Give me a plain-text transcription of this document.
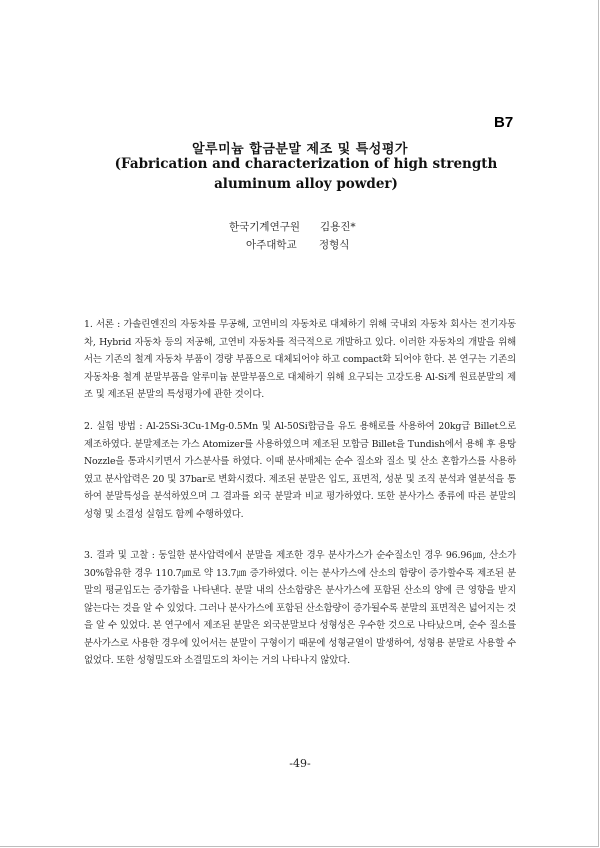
B7
알루미늄 합금분말 제조 및 특성평가
(Fabrication and characterization of high strength aluminum alloy powder)
한국기계연구원 김용진*
아주대학교 정형식

1. 서론 : 가솔린엔진의 자동차를 무공해, 고연비의 자동차로 대체하기 위해 국내외 자동차 회사는 전기자동차, Hybrid 자동차 등의 저공해, 고연비 자동차를 적극적으로 개발하고 있다. 이러한 자동차의 개발을 위해서는 기존의 철계 자동차 부품이 경량 부품으로 대체되어야 하고 compact화 되어야 한다. 본 연구는 기존의 자동차용 철계 분말부품을 알루미늄 분말부품으로 대체하기 위해 요구되는 고강도용 Al-Si계 원료분말의 제조 및 제조된 분말의 특성평가에 관한 것이다.

2. 실험 방법 : Al-25Si-3Cu-1Mg-0.5Mn 및 Al-50Si합금을 유도 용해로를 사용하여 20kg급 Billet으로 제조하였다. 분말제조는 가스 Atomizer를 사용하였으며 제조된 모합금 Billet을 Tundish에서 용해 후 용탕 Nozzle을 통과시키면서 가스분사를 하였다. 이때 분사매체는 순수 질소와 질소 및 산소 혼합가스를 사용하였고 분사압력은 20 및 37bar로 변화시켰다. 제조된 분말은 입도, 표면적, 성분 및 조직 분석과 열분석을 통하여 분말특성을 분석하였으며 그 결과를 외국 분말과 비교 평가하였다. 또한 분사가스 종류에 따른 분말의 성형 및 소결성 실험도 함께 수행하였다.

3. 결과 및 고찰 : 동일한 분사압력에서 분말을 제조한 경우 분사가스가 순수질소인 경우 96.96㎛, 산소가 30%함유한 경우 110.7㎛로 약 13.7㎛ 증가하였다. 이는 분사가스에 산소의 함량이 증가할수록 제조된 분말의 평균입도는 증가함을 나타낸다. 분말 내의 산소함량은 분사가스에 포함된 산소의 양에 큰 영향을 받지 않는다는 것을 알 수 있었다. 그러나 분사가스에 포함된 산소함량이 증가될수록 분말의 표면적은 넓어지는 것을 알 수 있었다. 본 연구에서 제조된 분말은 외국분말보다 성형성은 우수한 것으로 나타났으며, 순수 질소를 분사가스로 사용한 경우에 있어서는 분말이 구형이기 때문에 성형균열이 발생하여, 성형용 분말로 사용할 수 없었다. 또한 성형밀도와 소결밀도의 차이는 거의 나타나지 않았다.

-49-
